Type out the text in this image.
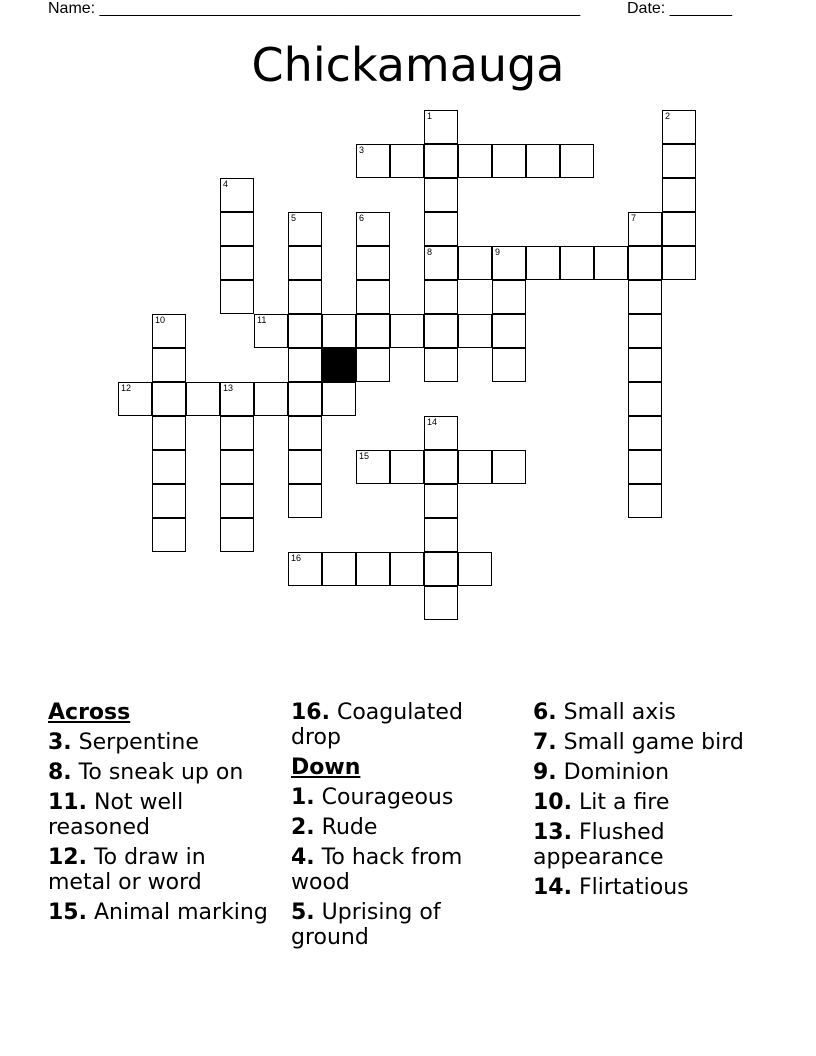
Name: ______________________________________________________	Date: _______
Chickamauga
1	2
3
4
5	6	7
8	9
10	11
12	13
14
15
16

Across

3. Serpentine

8. To sneak up on

11. Not well reasoned

12. To draw in metal or word

15. Animal marking

16. Coagulated drop

Down

1. Courageous

2. Rude

4. To hack from wood

5. Uprising of ground

6. Small axis

7. Small game bird

9. Dominion

10. Lit a fire

13. Flushed appearance

14. Flirtatious
